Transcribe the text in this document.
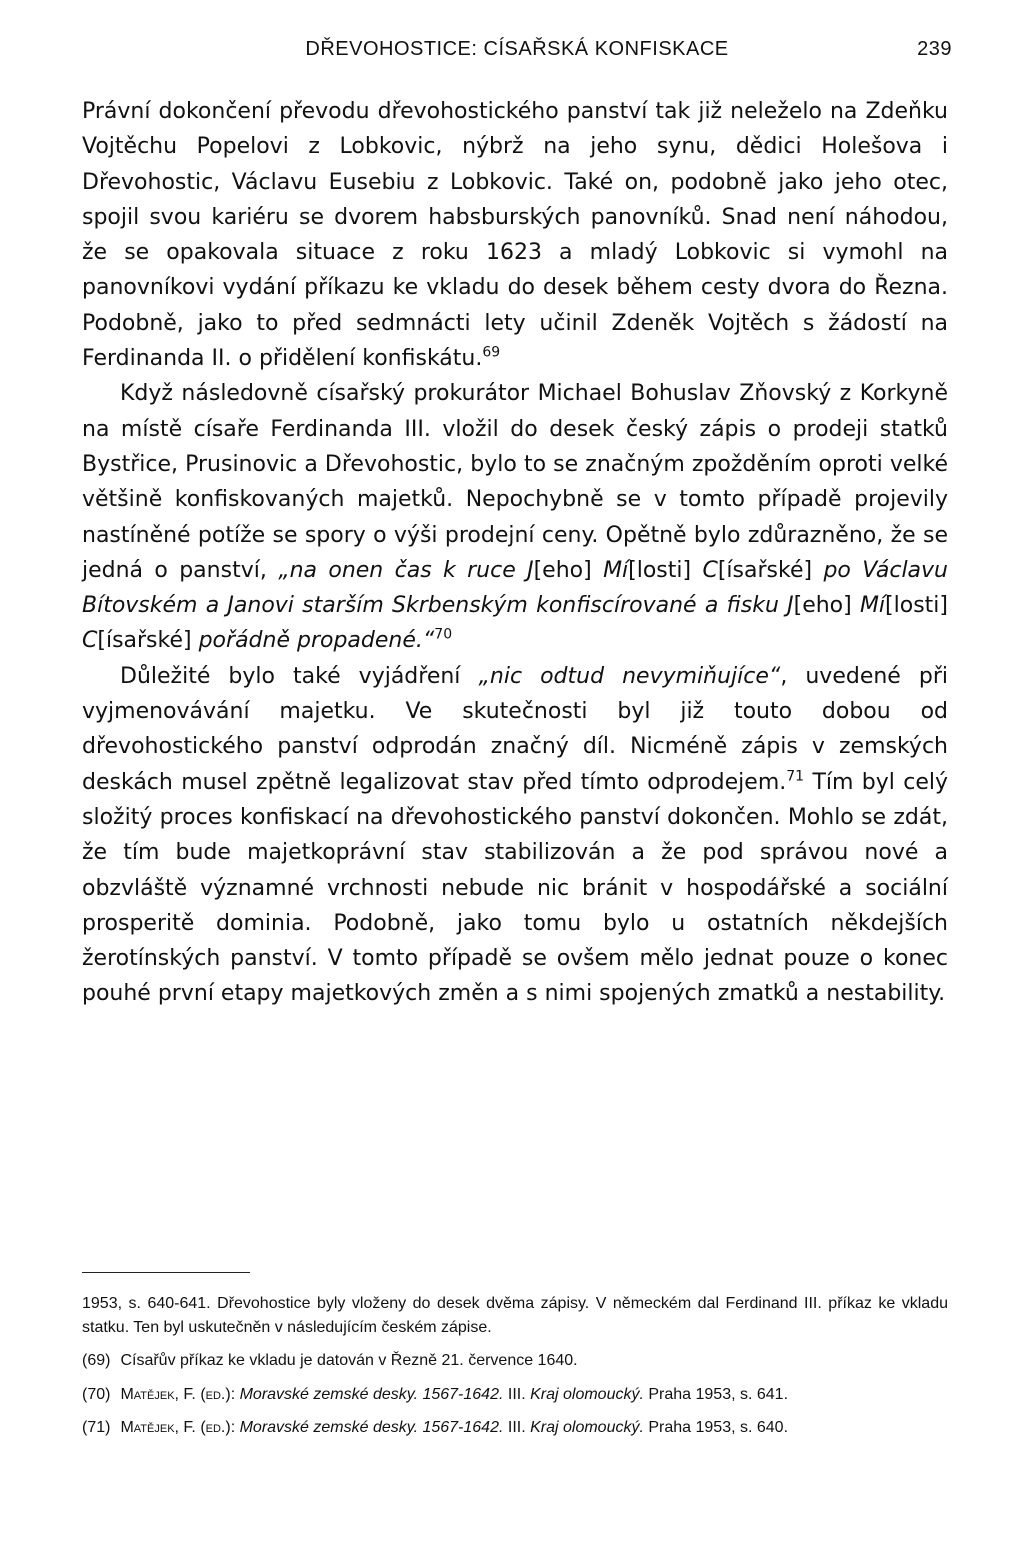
DŘEVOHOSTICE: CÍSAŘSKÁ KONFISKACE	239

Právní dokončení převodu dřevohostického panství tak již neleželo na Zdeňku Vojtěchu Popelovi z Lobkovic, nýbrž na jeho synu, dědici Holešova i Dřevohostic, Václavu Eusebiu z Lobkovic. Také on, podobně jako jeho otec, spojil svou kariéru se dvorem habsburských panovníků. Snad není náhodou, že se opakovala situace z roku 1623 a mladý Lobkovic si vymohl na panovníkovi vydání příkazu ke vkladu do desek během cesty dvora do Řezna. Podobně, jako to před sedmnácti lety učinil Zdeněk Vojtěch s žádostí na Ferdinanda II. o přidělení konfiskátu.$^{69}$

Když následovně císařský prokurátor Michael Bohuslav Zňovský z Korkyně na místě císaře Ferdinanda III. vložil do desek český zápis o prodeji statků Bystřice, Prusinovic a Dřevohostic, bylo to se značným zpožděním oproti velké většině konfiskovaných majetků. Nepochybně se v tomto případě projevily nastíněné potíže se spory o výši prodejní ceny. Opětně bylo zdůrazněno, že se jedná o panství, „na onen čas k ruce J[eho] Mí[losti] C[ísařské] po Václavu Bítovském a Janovi starším Skrbenským konfiscírované a fisku J[eho] Mí[losti] C[ísařské] pořádně propadené.“$^{70}$

Důležité bylo také vyjádření „nic odtud nevymiňujíce“, uvedené při vyjmenovávání majetku. Ve skutečnosti byl již touto dobou od dřevohostického panství odprodán značný díl. Nicméně zápis v zemských deskách musel zpětně legalizovat stav před tímto odprodejem.$^{71}$ Tím byl celý složitý proces konfiskací na dřevohostického panství dokončen. Mohlo se zdát, že tím bude majetkoprávní stav stabilizován a že pod správou nové a obzvláště významné vrchnosti nebude nic bránit v hospodářské a sociální prosperitě dominia. Podobně, jako tomu bylo u ostatních někdejších žerotínských panství. V tomto případě se ovšem mělo jednat pouze o konec pouhé první etapy majetkových změn a s nimi spojených zmatků a nestability.

1953, s. 640-641. Dřevohostice byly vloženy do desek dvěma zápisy. V německém dal Ferdinand III. příkaz ke vkladu statku. Ten byl uskutečněn v následujícím českém zápise.

(69) Císařův příkaz ke vkladu je datován v Řezně 21. července 1640.

(70) Matějek, F. (ed.): Moravské zemské desky. 1567-1642. III. Kraj olomoucký. Praha 1953, s. 641.

(71) Matějek, F. (ed.): Moravské zemské desky. 1567-1642. III. Kraj olomoucký. Praha 1953, s. 640.
